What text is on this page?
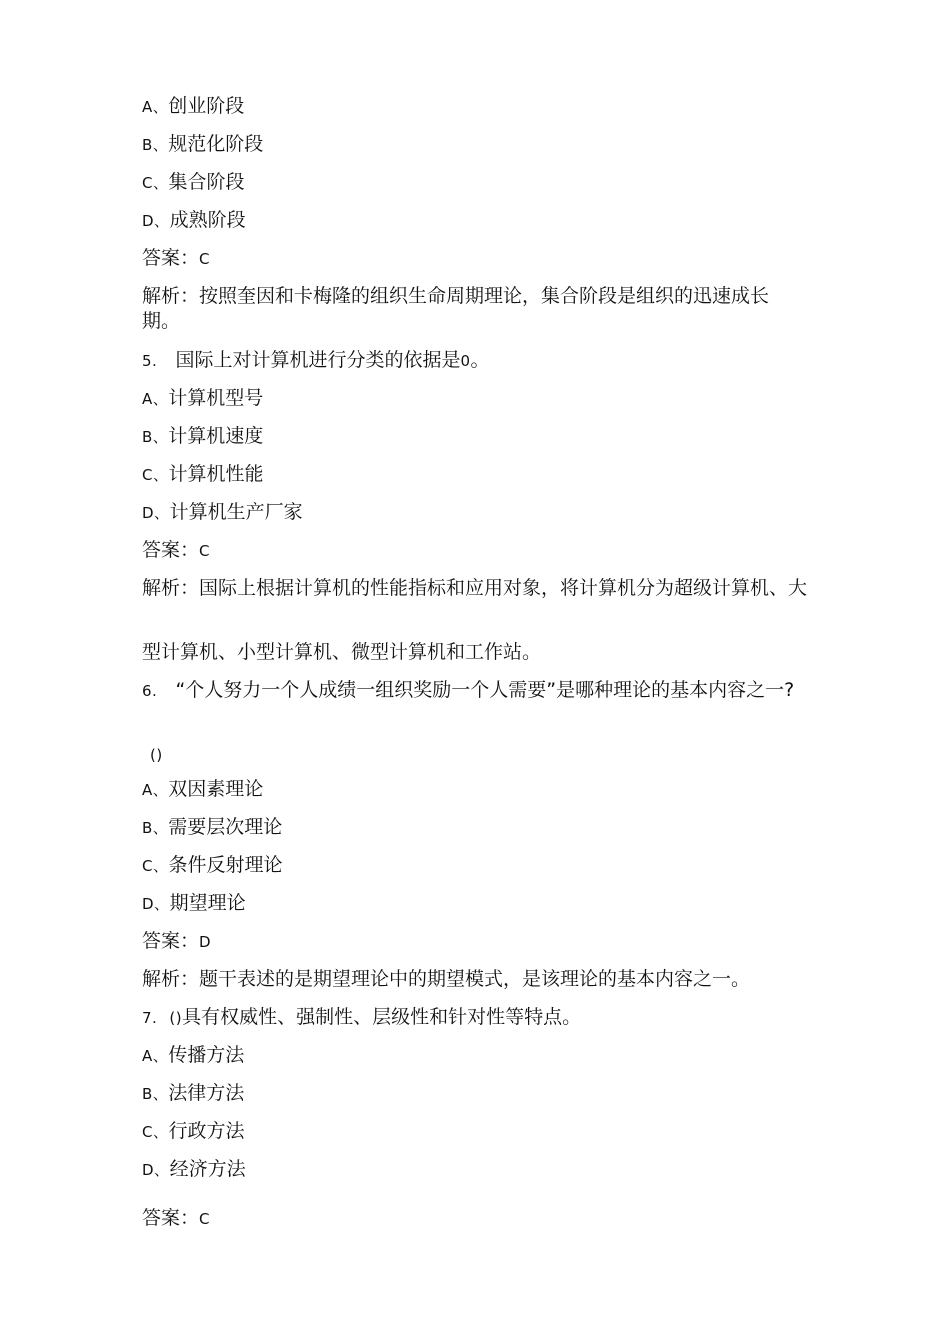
A、创业阶段
B、规范化阶段
C、集合阶段
D、成熟阶段
答案：C
解析：按照奎因和卡梅隆的组织生命周期理论，集合阶段是组织的迅速成长期。
5. 国际上对计算机进行分类的依据是0。
A、计算机型号
B、计算机速度
C、计算机性能
D、计算机生产厂家
答案：C
解析：国际上根据计算机的性能指标和应用对象，将计算机分为超级计算机、大
型计算机、小型计算机、微型计算机和工作站。
6. “个人努力一个人成绩一组织奖励一个人需要”是哪种理论的基本内容之一?
()
A、双因素理论
B、需要层次理论
C、条件反射理论
D、期望理论
答案：D
解析：题干表述的是期望理论中的期望模式，是该理论的基本内容之一。
7. ()具有权威性、强制性、层级性和针对性等特点。
A、传播方法
B、法律方法
C、行政方法
D、经济方法
答案：C
